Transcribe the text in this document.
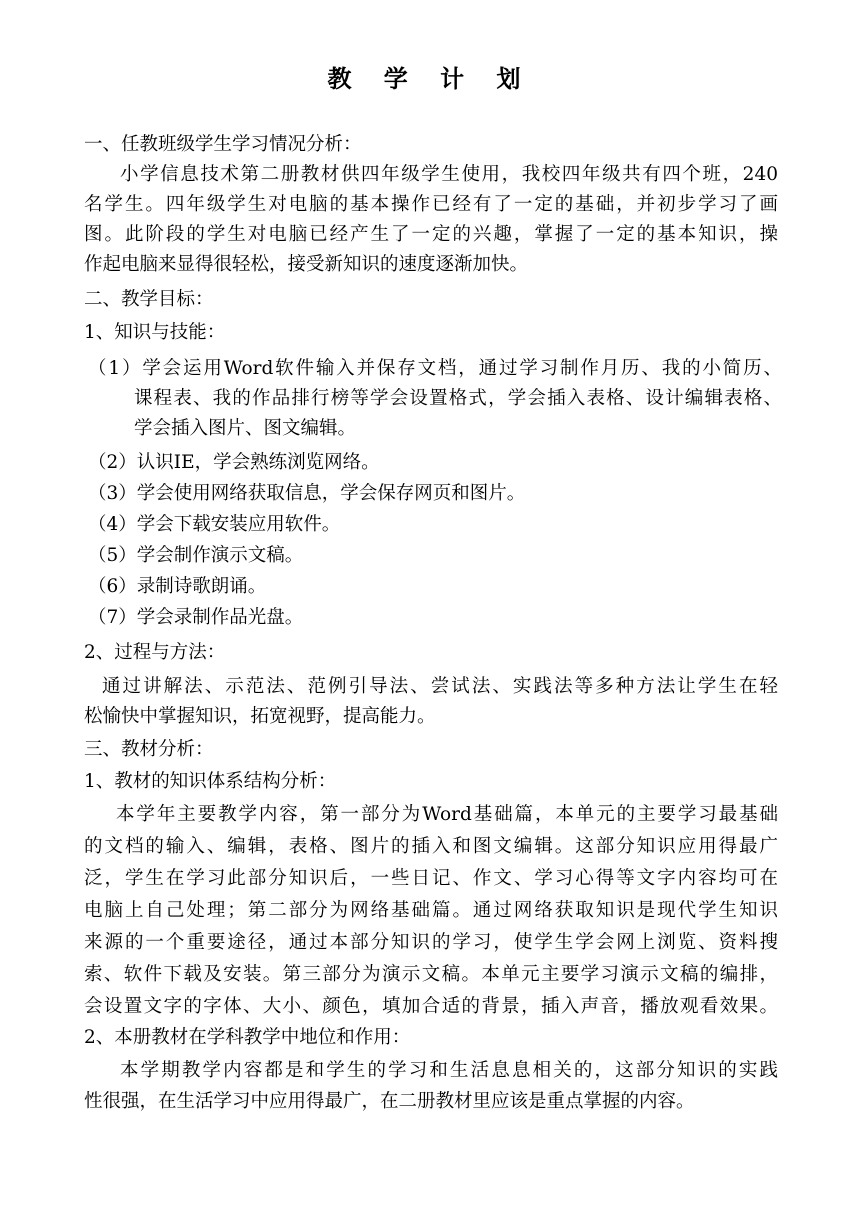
教 学 计 划
一、任教班级学生学习情况分析：
小学信息技术第二册教材供四年级学生使用，我校四年级共有四个班，240
名学生。四年级学生对电脑的基本操作已经有了一定的基础，并初步学习了画
图。此阶段的学生对电脑已经产生了一定的兴趣，掌握了一定的基本知识，操
作起电脑来显得很轻松，接受新知识的速度逐渐加快。
二、教学目标：
1、知识与技能：
（1）学会运用Word软件输入并保存文档，通过学习制作月历、我的小简历、
课程表、我的作品排行榜等学会设置格式，学会插入表格、设计编辑表格、
学会插入图片、图文编辑。
（2）认识IE，学会熟练浏览网络。
（3）学会使用网络获取信息，学会保存网页和图片。
（4）学会下载安装应用软件。
（5）学会制作演示文稿。
（6）录制诗歌朗诵。
（7）学会录制作品光盘。
2、过程与方法：
通过讲解法、示范法、范例引导法、尝试法、实践法等多种方法让学生在轻
松愉快中掌握知识，拓宽视野，提高能力。
三、教材分析：
1、教材的知识体系结构分析：
本学年主要教学内容，第一部分为Word基础篇，本单元的主要学习最基础
的文档的输入、编辑，表格、图片的插入和图文编辑。这部分知识应用得最广
泛，学生在学习此部分知识后，一些日记、作文、学习心得等文字内容均可在
电脑上自己处理；第二部分为网络基础篇。通过网络获取知识是现代学生知识
来源的一个重要途径，通过本部分知识的学习，使学生学会网上浏览、资料搜
索、软件下载及安装。第三部分为演示文稿。本单元主要学习演示文稿的编排，
会设置文字的字体、大小、颜色，填加合适的背景，插入声音，播放观看效果。
2、本册教材在学科教学中地位和作用：
本学期教学内容都是和学生的学习和生活息息相关的，这部分知识的实践
性很强，在生活学习中应用得最广，在二册教材里应该是重点掌握的内容。
